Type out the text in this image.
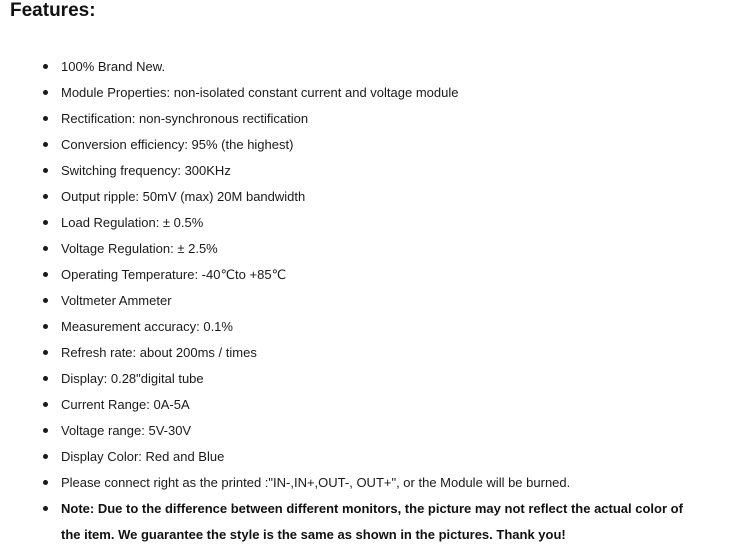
Features:
100% Brand New.
Module Properties: non-isolated constant current and voltage module
Rectification: non-synchronous rectification
Conversion efficiency: 95% (the highest)
Switching frequency: 300KHz
Output ripple: 50mV (max) 20M bandwidth
Load Regulation: ± 0.5%
Voltage Regulation: ± 2.5%
Operating Temperature: -40℃to +85℃
Voltmeter Ammeter
Measurement accuracy: 0.1%
Refresh rate: about 200ms / times
Display: 0.28"digital tube
Current Range: 0A-5A
Voltage range: 5V-30V
Display Color: Red and Blue
Please connect right as the printed :"IN-,IN+,OUT-, OUT+", or the Module will be burned.
Note: Due to the difference between different monitors, the picture may not reflect the actual color of the item. We guarantee the style is the same as shown in the pictures. Thank you!
